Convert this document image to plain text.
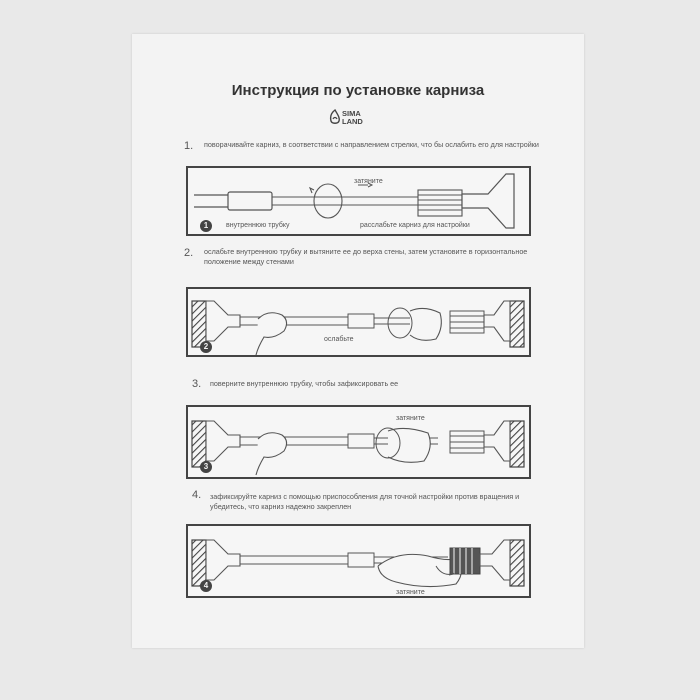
Инструкция по установке карниза
SIMA
LAND
1. поворачивайте карниз, в соответствии с направлением стрелки, что бы ослабить его для настройки
затяните
внутреннюю трубку	расслабьте карниз для настройки
1
2. ослабьте внутреннюю трубку и вытяните ее до верха стены, затем установите в горизонтальное положение между стенами
ослабьте
2
3. поверните внутреннюю трубку, чтобы зафиксировать ее
затяните
3
4. зафиксируйте карниз с помощью приспособления для точной настройки против вращения и убедитесь, что карниз надежно закреплен
4
затяните
